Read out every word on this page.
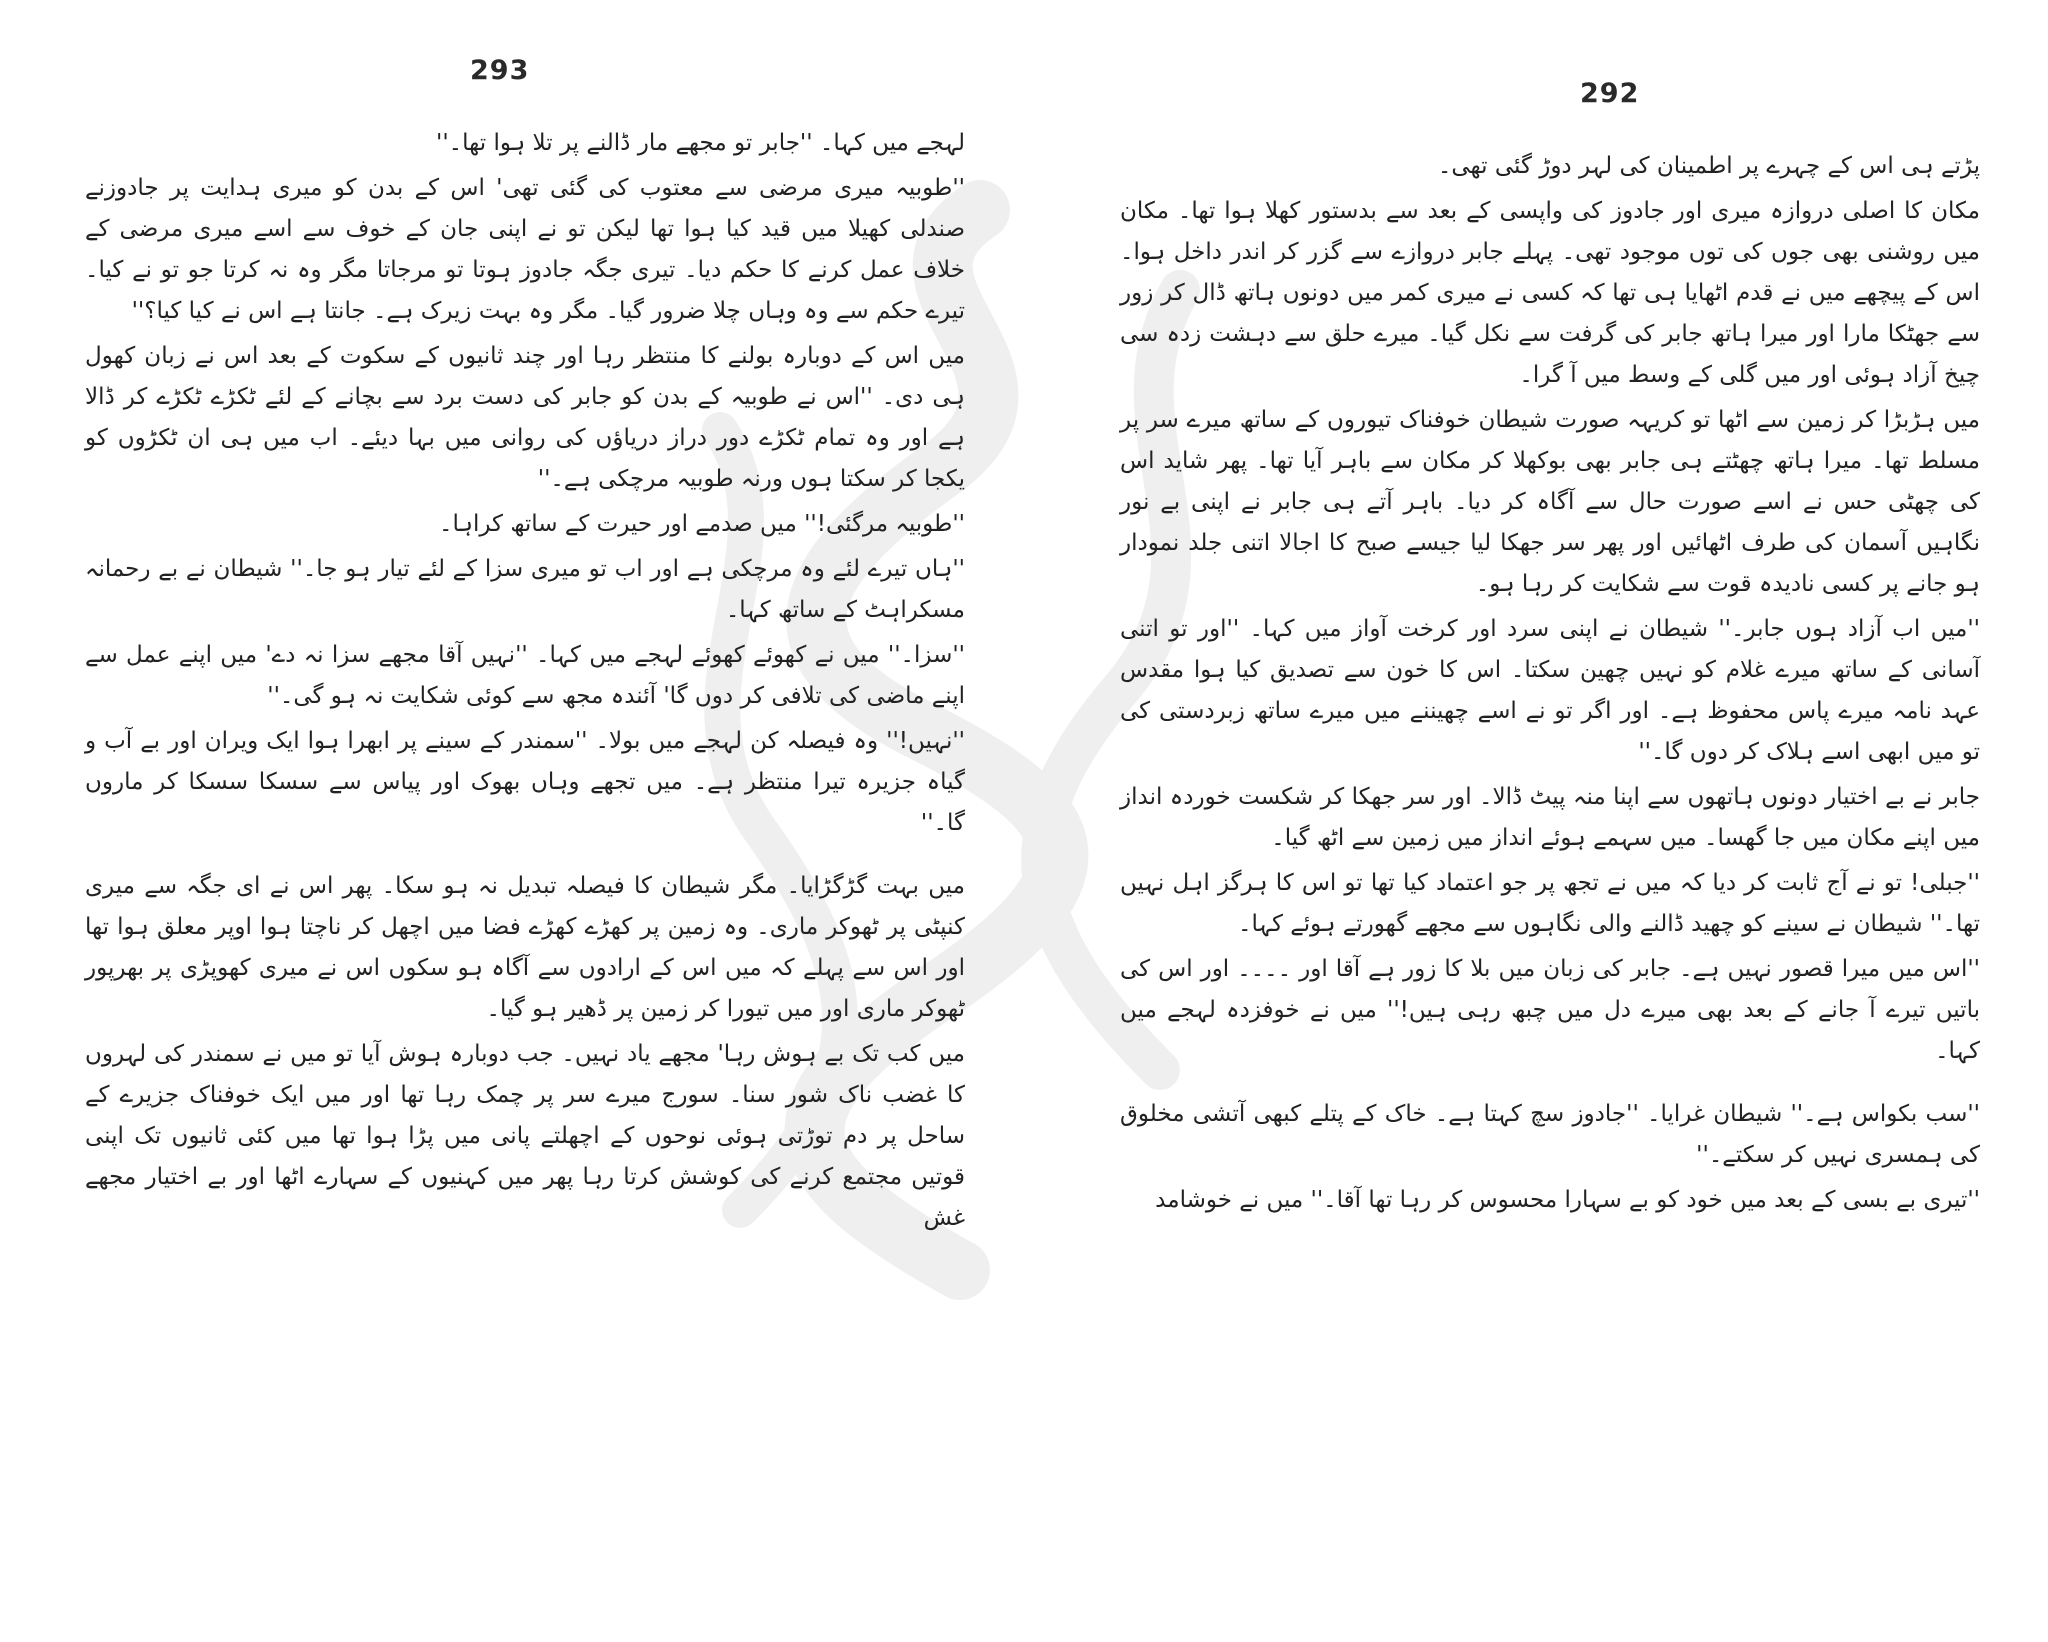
293

لہجے میں کہا۔ ''جابر تو مجھے مار ڈالنے پر تلا ہوا تھا۔''

''طوبیہ میری مرضی سے معتوب کی گئی تھی' اس کے بدن کو میری ہدایت پر جادوزنے صندلی کھیلا میں قید کیا ہوا تھا لیکن تو نے اپنی جان کے خوف سے اسے میری مرضی کے خلاف عمل کرنے کا حکم دیا۔ تیری جگہ جادوز ہوتا تو مرجاتا مگر وہ نہ کرتا جو تو نے کیا۔ تیرے حکم سے وہ وہاں چلا ضرور گیا۔ مگر وہ بہت زیرک ہے۔ جانتا ہے اس نے کیا کیا؟''

میں اس کے دوبارہ بولنے کا منتظر رہا اور چند ثانیوں کے سکوت کے بعد اس نے زبان کھول ہی دی۔ ''اس نے طوبیہ کے بدن کو جابر کی دست برد سے بچانے کے لئے ٹکڑے ٹکڑے کر ڈالا ہے اور وہ تمام ٹکڑے دور دراز دریاؤں کی روانی میں بہا دیئے۔ اب میں ہی ان ٹکڑوں کو یکجا کر سکتا ہوں ورنہ طوبیہ مرچکی ہے۔''

''طوبیہ مرگئی!'' میں صدمے اور حیرت کے ساتھ کراہا۔

''ہاں تیرے لئے وہ مرچکی ہے اور اب تو میری سزا کے لئے تیار ہو جا۔'' شیطان نے بے رحمانہ مسکراہٹ کے ساتھ کہا۔

''سزا۔'' میں نے کھوئے کھوئے لہجے میں کہا۔ ''نہیں آقا مجھے سزا نہ دے' میں اپنے عمل سے اپنے ماضی کی تلافی کر دوں گا' آئندہ مجھ سے کوئی شکایت نہ ہو گی۔''

''نہیں!'' وہ فیصلہ کن لہجے میں بولا۔ ''سمندر کے سینے پر ابھرا ہوا ایک ویران اور بے آب و گیاہ جزیرہ تیرا منتظر ہے۔ میں تجھے وہاں بھوک اور پیاس سے سسکا سسکا کر ماروں گا۔''

میں بہت گڑگڑایا۔ مگر شیطان کا فیصلہ تبدیل نہ ہو سکا۔ پھر اس نے ای جگہ سے میری کنپٹی پر ٹھوکر ماری۔ وہ زمین پر کھڑے کھڑے فضا میں اچھل کر ناچتا ہوا اوپر معلق ہوا تھا اور اس سے پہلے کہ میں اس کے ارادوں سے آگاہ ہو سکوں اس نے میری کھوپڑی پر بھرپور ٹھوکر ماری اور میں تیورا کر زمین پر ڈھیر ہو گیا۔

میں کب تک بے ہوش رہا' مجھے یاد نہیں۔ جب دوبارہ ہوش آیا تو میں نے سمندر کی لہروں کا غضب ناک شور سنا۔ سورج میرے سر پر چمک رہا تھا اور میں ایک خوفناک جزیرے کے ساحل پر دم توڑتی ہوئی نوحوں کے اچھلتے پانی میں پڑا ہوا تھا میں کئی ثانیوں تک اپنی قوتیں مجتمع کرنے کی کوشش کرتا رہا پھر میں کہنیوں کے سہارے اٹھا اور بے اختیار مجھے غش

292

پڑتے ہی اس کے چہرے پر اطمینان کی لہر دوڑ گئی تھی۔

مکان کا اصلی دروازہ میری اور جادوز کی واپسی کے بعد سے بدستور کھلا ہوا تھا۔ مکان میں روشنی بھی جوں کی توں موجود تھی۔ پہلے جابر دروازے سے گزر کر اندر داخل ہوا۔ اس کے پیچھے میں نے قدم اٹھایا ہی تھا کہ کسی نے میری کمر میں دونوں ہاتھ ڈال کر زور سے جھٹکا مارا اور میرا ہاتھ جابر کی گرفت سے نکل گیا۔ میرے حلق سے دہشت زدہ سی چیخ آزاد ہوئی اور میں گلی کے وسط میں آ گرا۔

میں ہڑبڑا کر زمین سے اٹھا تو کریہہ صورت شیطان خوفناک تیوروں کے ساتھ میرے سر پر مسلط تھا۔ میرا ہاتھ چھٹتے ہی جابر بھی بوکھلا کر مکان سے باہر آیا تھا۔ پھر شاید اس کی چھٹی حس نے اسے صورت حال سے آگاہ کر دیا۔ باہر آتے ہی جابر نے اپنی بے نور نگاہیں آسمان کی طرف اٹھائیں اور پھر سر جھکا لیا جیسے صبح کا اجالا اتنی جلد نمودار ہو جانے پر کسی نادیدہ قوت سے شکایت کر رہا ہو۔

''میں اب آزاد ہوں جابر۔'' شیطان نے اپنی سرد اور کرخت آواز میں کہا۔ ''اور تو اتنی آسانی کے ساتھ میرے غلام کو نہیں چھین سکتا۔ اس کا خون سے تصدیق کیا ہوا مقدس عہد نامہ میرے پاس محفوظ ہے۔ اور اگر تو نے اسے چھیننے میں میرے ساتھ زبردستی کی تو میں ابھی اسے ہلاک کر دوں گا۔''

جابر نے بے اختیار دونوں ہاتھوں سے اپنا منہ پیٹ ڈالا۔ اور سر جھکا کر شکست خوردہ انداز میں اپنے مکان میں جا گھسا۔ میں سہمے ہوئے انداز میں زمین سے اٹھ گیا۔

''جبلی! تو نے آج ثابت کر دیا کہ میں نے تجھ پر جو اعتماد کیا تھا تو اس کا ہرگز اہل نہیں تھا۔'' شیطان نے سینے کو چھید ڈالنے والی نگاہوں سے مجھے گھورتے ہوئے کہا۔

''اس میں میرا قصور نہیں ہے۔ جابر کی زبان میں بلا کا زور ہے آقا اور ۔۔۔۔ اور اس کی باتیں تیرے آ جانے کے بعد بھی میرے دل میں چبھ رہی ہیں!'' میں نے خوفزدہ لہجے میں کہا۔

''سب بکواس ہے۔'' شیطان غرایا۔ ''جادوز سچ کہتا ہے۔ خاک کے پتلے کبھی آتشی مخلوق کی ہمسری نہیں کر سکتے۔''

''تیری بے بسی کے بعد میں خود کو بے سہارا محسوس کر رہا تھا آقا۔'' میں نے خوشامد
